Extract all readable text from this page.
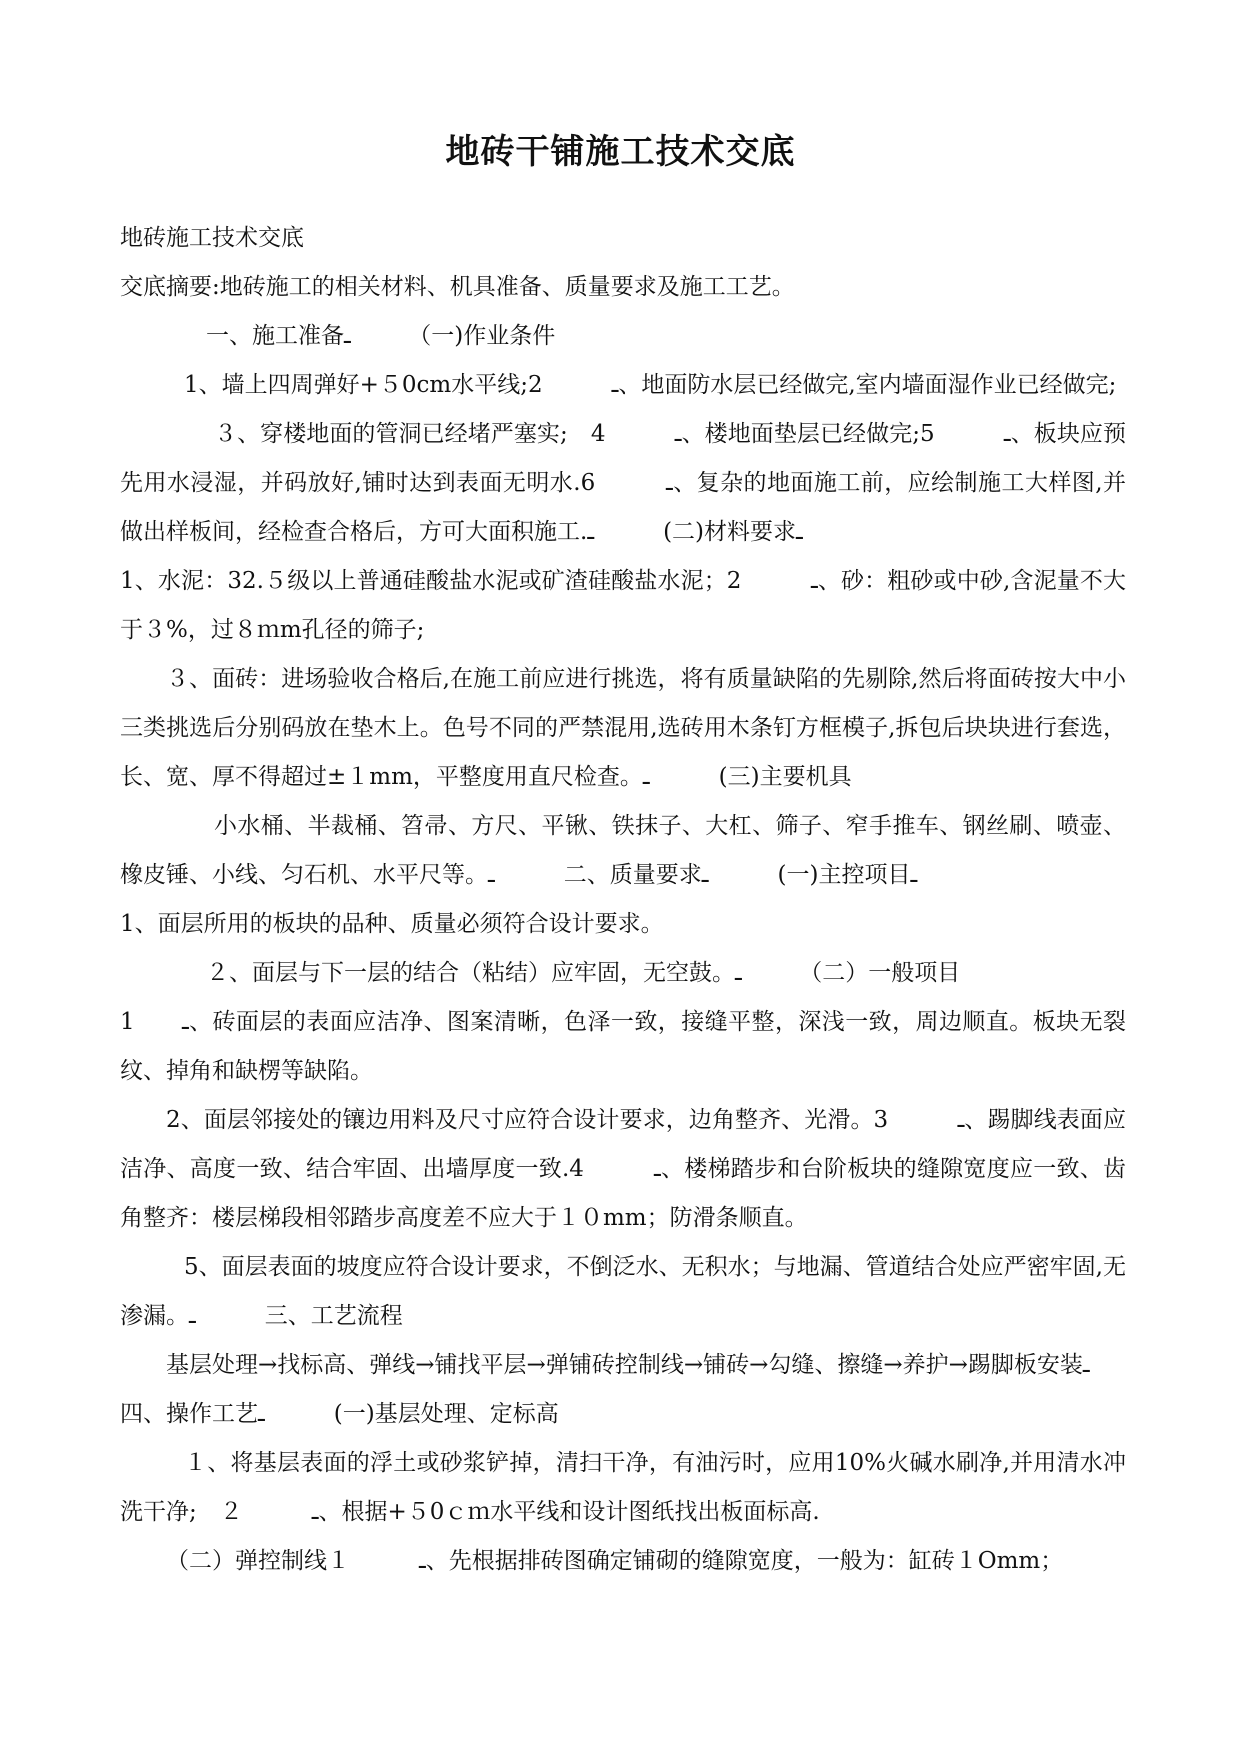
地砖干铺施工技术交底

地砖施工技术交底

交底摘要:地砖施工的相关材料、机具准备、质量要求及施工工艺。

一、施工准备ـ　　　（一)作业条件

1、墙上四周弹好+５0cm水平线;2　　　ـ、地面防水层已经做完,室内墙面湿作业已经做完;

３、穿楼地面的管洞已经堵严塞实;　4　　　ـ、楼地面垫层已经做完;5　　　ـ、板块应预先用水浸湿，并码放好,铺时达到表面无明水.6　　　ـ、复杂的地面施工前，应绘制施工大样图,并做出样板间，经检查合格后，方可大面积施工.ـ　　　(二)材料要求ـ

1、水泥：32.５级以上普通硅酸盐水泥或矿渣硅酸盐水泥；2　　　ـ、砂：粗砂或中砂,含泥量不大于３%，过８ｍm孔径的筛子;

３、面砖：进场验收合格后,在施工前应进行挑选，将有质量缺陷的先剔除,然后将面砖按大中小三类挑选后分别码放在垫木上。色号不同的严禁混用,选砖用木条钉方框模子,拆包后块块进行套选，长、宽、厚不得超过±１mm，平整度用直尺检查。ـ　　　(三)主要机具

小水桶、半裁桶、笤帚、方尺、平锹、铁抹子、大杠、筛子、窄手推车、钢丝刷、喷壶、橡皮锤、小线、匀石机、水平尺等。ـ　　　二、质量要求ـ　　　(一)主控项目ـ

1、面层所用的板块的品种、质量必须符合设计要求。

２、面层与下一层的结合（粘结）应牢固，无空鼓。ـ　　　（二）一般项目

1　　ـ、砖面层的表面应洁净、图案清晰，色泽一致，接缝平整，深浅一致，周边顺直。板块无裂纹、掉角和缺楞等缺陷。

2、面层邻接处的镶边用料及尺寸应符合设计要求，边角整齐、光滑。3　　　ـ、踢脚线表面应洁净、高度一致、结合牢固、出墙厚度一致.4　　　ـ、楼梯踏步和台阶板块的缝隙宽度应一致、齿角整齐：楼层梯段相邻踏步高度差不应大于１０mm；防滑条顺直。

5、面层表面的坡度应符合设计要求，不倒泛水、无积水；与地漏、管道结合处应严密牢固,无渗漏。ـ　　　三、工艺流程

基层处理→找标高、弹线→铺找平层→弹铺砖控制线→铺砖→勾缝、擦缝→养护→踢脚板安装ـ　　　四、操作工艺ـ　　　(一)基层处理、定标高

１、将基层表面的浮土或砂浆铲掉，清扫干净，有油污时，应用10%火碱水刷净,并用清水冲洗干净;　２　　　ـ、根据+５0ｃｍ水平线和设计图纸找出板面标高.

（二）弹控制线１　　　ـ、先根据排砖图确定铺砌的缝隙宽度，一般为：缸砖１Omm；
